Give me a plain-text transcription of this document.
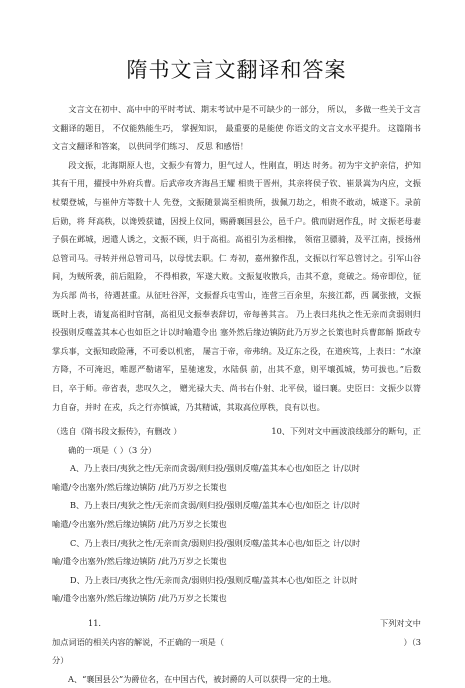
隋书文言文翻译和答案

文言文在初中、高中中的平时考试、期末考试中是不可缺少的一部分， 所以， 多做一些关于文言文翻译的题目， 不仅能熟能生巧， 掌握知识， 最重要的是能使 你语文的文言文水平提升。 这篇隋书文言文翻译和答案， 以供同学们练习、 反思 和感悟！

段文振，北海期原人也，文振少有膂力，胆气过人，性刚直，明达 时务。初为宇文护亲信，护知其有干用，擢授中外府兵曹。后武帝攻齐海昌王耀 相贵于晋州，其亲将侯子钦、崔景嵩为内应，文振杖槊登城，与崔仲方等数十人 先登，文振随景嵩至相贵所，拔佩刀劫之，相贵不敢动，城遂下。录前后勋，将 拜高秩，以谗毁获谴，因授上仪同，赐爵襄国县公，邑千户。俄而尉迥作乱，时 文振老母妻子俱在邺城，迥遣人诱之，文振不顾，归于高祖。高祖引为丞相掾， 领宿卫骠骑，及平江南，授扬州总管司马。寻转并州总管司马，以母忧去职。仁 寿初，嘉州獠作乱，文振以行军总管讨之。引军山谷间，为贼所袭，前后阻险， 不得相救，军遂大败。文振复收散兵，击其不意，竟破之。炀帝即位，征为兵部 尚书，待遇甚重。从征吐谷浑，文振督兵屯雪山，连营三百余里，东接江都，西 属张掖，文振既时上表，请复高祖时官制，高祖见文振奉表辞切，帝每善其言。 乃上表曰兆执之性无亲而贪弱则归投强则反噬盖其本心也如臣之计以时喻遣令出 塞外然后缘边镇防此乃万岁之长策也时兵曹郎斛 斯政专掌兵事，文振知政险薄，不可委以机密， 屡言于帝，帝弗纳。及辽东之役，在道疾笃，上表曰：“水潦方降，不可淹迟，唯愿严勒诸军，星驰速发，水陆俱 前，出其不意，则平壤孤城，势可拔也。”后数日，卒于师。帝省表，悲叹久之， 赠光禄大夫、尚书右仆射、北平侯，谥曰襄。史臣曰：文振少以膂力自奋，并时 在戎，兵之行亦慎诚，乃其精诚，其取高位厚秩，良有以也。

（选自《隋书段文振传》，有删改 ）	10、下列对文中画波浪线部分的断句，正

确的一项是（ ）（3 分）

A、乃上表曰/夷狄之性/无亲而贪弱/则归投/强则反噬/盖其本心也/如臣之 计/以时

喻遣/令出塞外/然后缘边镇防 /此乃万岁之长策也

B、乃上表曰/夷狄之性/无亲而贪弱/则归投/强则反噬/盖其本心也/如臣之 计/以时

喻遣/令出塞外/然后缘边镇防 /此乃万岁之长策也

C、乃上表曰/夷狄之性/无亲而贪/弱则归投/强则反噬/盖其本心也/如臣之 计/以时

喻/遣令出塞外/然后缘边镇防 /此乃万岁之长策也

D、乃上表曰/夷狄之性/无亲而贪/弱则归投/强则反噬/盖其本心也/如臣之 计以时

喻/遣令出塞外/然后缘边镇防 /此乃万岁之长策也

11.	下列对文中
加点词语的相关内容的解说，不正确的一项是（	）（3

分）

A、“襄国县公”为爵位名，在中国古代，被封爵的人可以获得一定的土地。
